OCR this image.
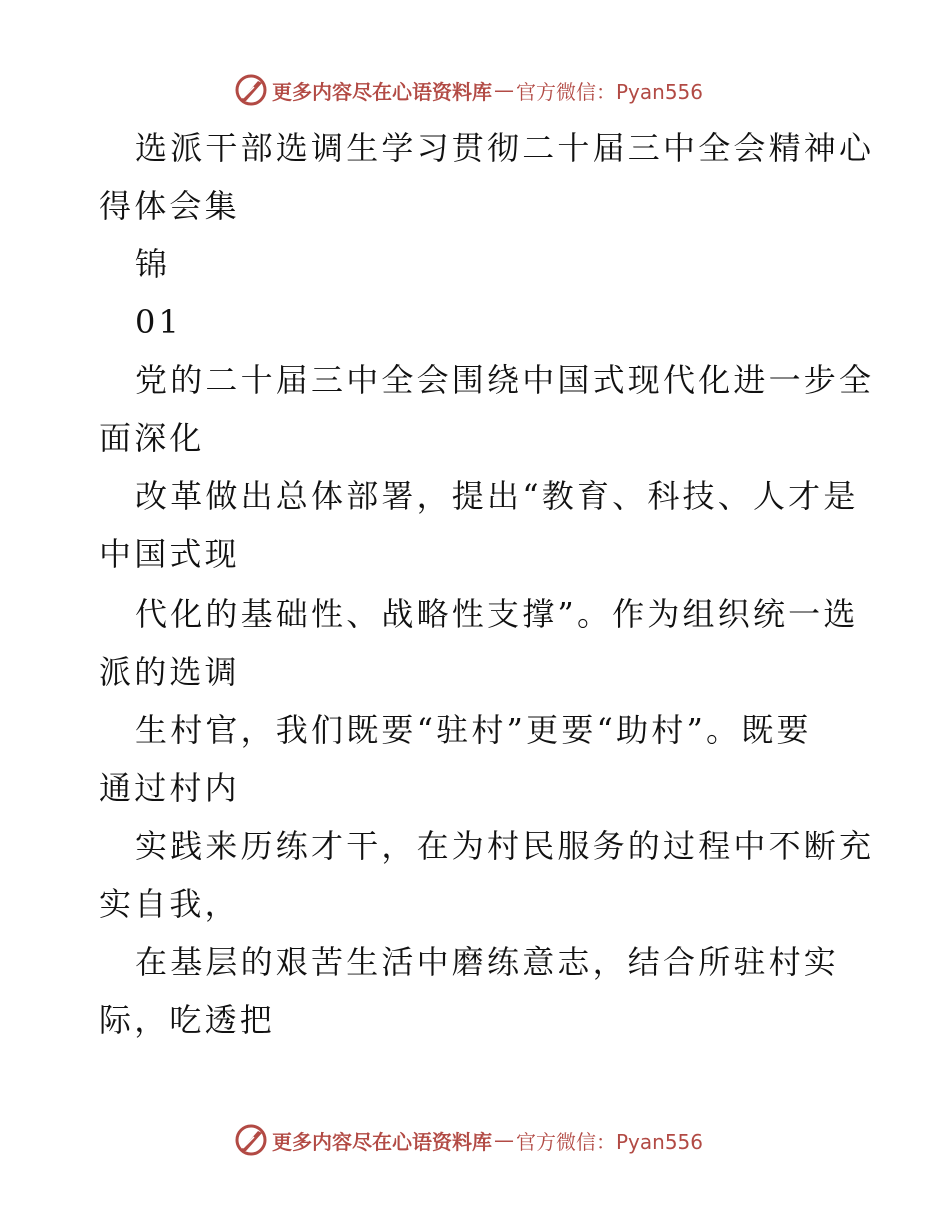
更多内容尽在心语资料库 — 官方微信：Pyan556
选派干部选调生学习贯彻二十届三中全会精神心
得体会集
锦
01
党的二十届三中全会围绕中国式现代化进一步全
面深化
改革做出总体部署，提出“教育、科技、人才是
中国式现
代化的基础性、战略性支撑”。作为组织统一选
派的选调
生村官，我们既要“驻村”更要“助村”。既要
通过村内
实践来历练才干，在为村民服务的过程中不断充
实自我，
在基层的艰苦生活中磨练意志，结合所驻村实
际，吃透把
更多内容尽在心语资料库 — 官方微信：Pyan556
